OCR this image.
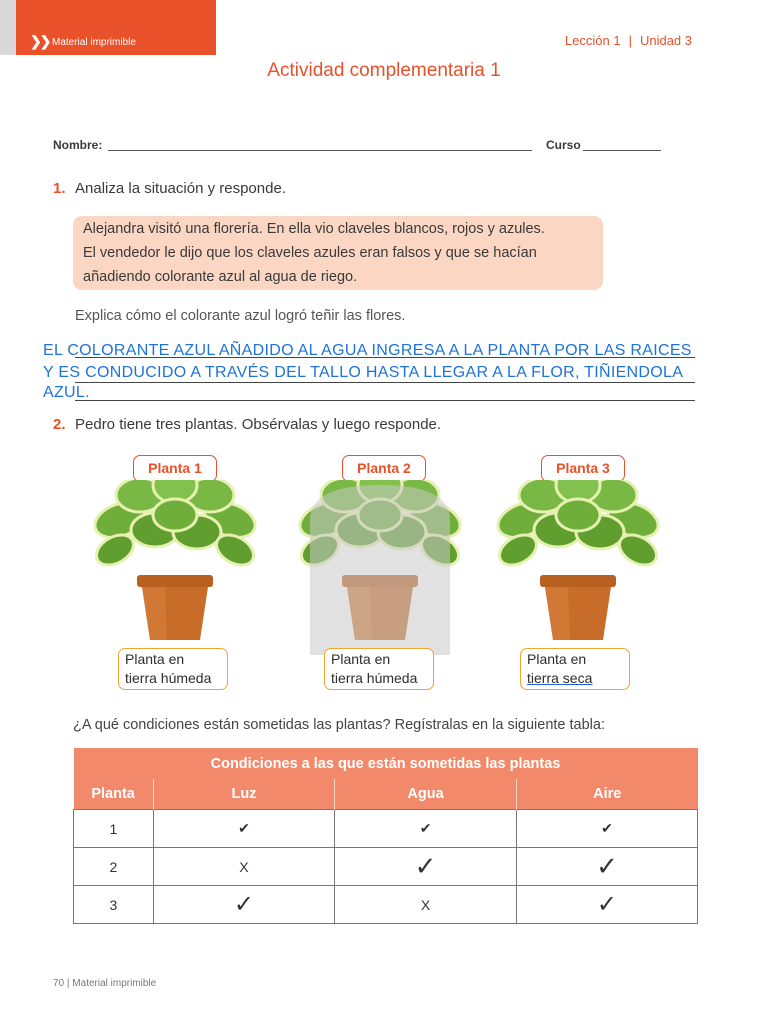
❯❯ Material imprimible	Lección 1 | Unidad 3
Actividad complementaria 1
Nombre:	Curso
1. Analiza la situación y responde.
Alejandra visitó una florería. En ella vio claveles blancos, rojos y azules.
El vendedor le dijo que los claveles azules eran falsos y que se hacían
añadiendo colorante azul al agua de riego.
Explica cómo el colorante azul logró teñir las flores.
EL COLORANTE AZUL AÑADIDO AL AGUA INGRESA A LA PLANTA POR LAS RAICES
Y ES CONDUCIDO A TRAVÉS DEL TALLO HASTA LLEGAR A LA FLOR, TIÑIENDOLA
AZUL.
2. Pedro tiene tres plantas. Obsérvalas y luego responde.
Planta 1	Planta 2	Planta 3
Planta en
tierra húmeda
Planta en
tierra húmeda
Planta en
tierra seca
¿A qué condiciones están sometidas las plantas? Regístralas en la siguiente tabla:
Condiciones a las que están sometidas las plantas			
Planta	Luz	Agua	Aire
1	✔	✔	✔
2	X	✓	✓
3	✓	X	✓
70 | Material imprimible
